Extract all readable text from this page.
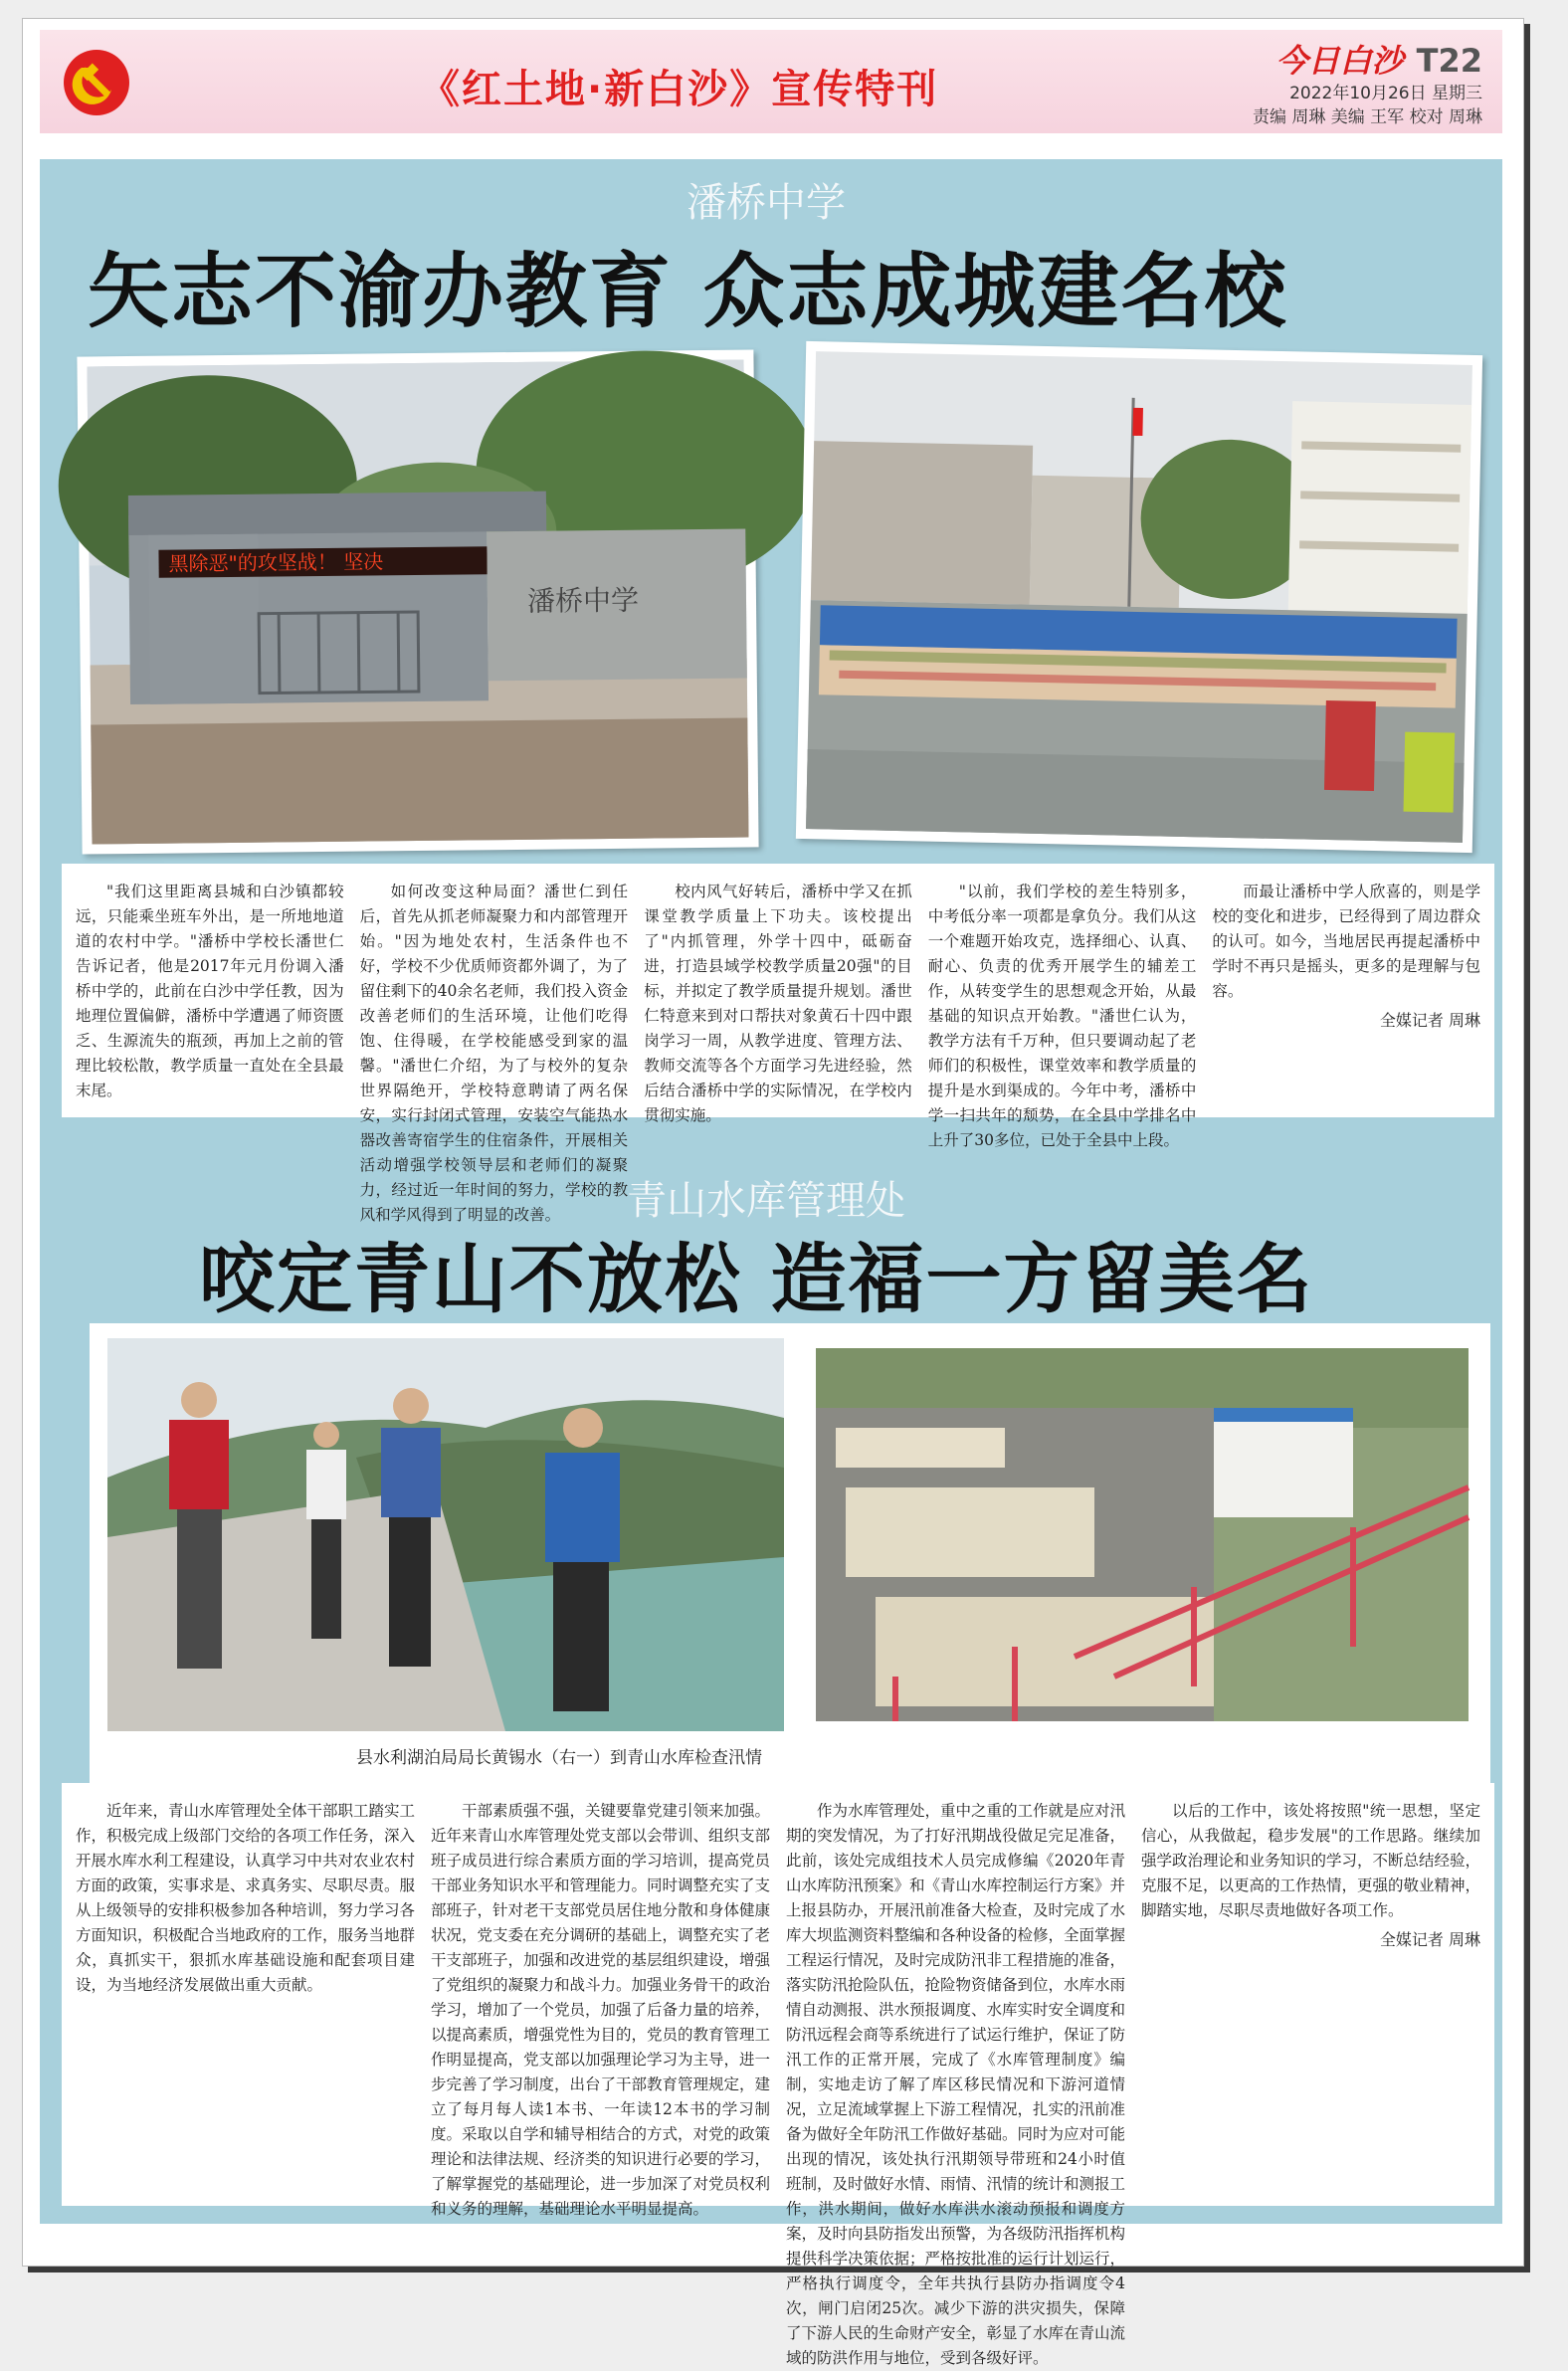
《红土地·新白沙》宣传特刊
今日白沙 T22
2022年10月26日 星期三
责编 周琳 美编 王军 校对 周琳
潘桥中学
矢志不渝办教育 众志成城建名校
黑除恶"的攻坚战！ 坚决
潘桥中学

"我们这里距离县城和白沙镇都较远，只能乘坐班车外出，是一所地地道道的农村中学。"潘桥中学校长潘世仁告诉记者，他是2017年元月份调入潘桥中学的，此前在白沙中学任教，因为地理位置偏僻，潘桥中学遭遇了师资匮乏、生源流失的瓶颈，再加上之前的管理比较松散，教学质量一直处在全县最末尾。

如何改变这种局面？潘世仁到任后，首先从抓老师凝聚力和内部管理开始。"因为地处农村，生活条件也不好，学校不少优质师资都外调了，为了留住剩下的40余名老师，我们投入资金改善老师们的生活环境，让他们吃得饱、住得暖，在学校能感受到家的温馨。"潘世仁介绍，为了与校外的复杂世界隔绝开，学校特意聘请了两名保安，实行封闭式管理，安装空气能热水器改善寄宿学生的住宿条件，开展相关活动增强学校领导层和老师们的凝聚力，经过近一年时间的努力，学校的教风和学风得到了明显的改善。

校内风气好转后，潘桥中学又在抓课堂教学质量上下功夫。该校提出了"内抓管理，外学十四中，砥砺奋进，打造县域学校教学质量20强"的目标，并拟定了教学质量提升规划。潘世仁特意来到对口帮扶对象黄石十四中跟岗学习一周，从教学进度、管理方法、教师交流等各个方面学习先进经验，然后结合潘桥中学的实际情况，在学校内贯彻实施。

"以前，我们学校的差生特别多，中考低分率一项都是拿负分。我们从这一个难题开始攻克，选择细心、认真、耐心、负责的优秀开展学生的辅差工作，从转变学生的思想观念开始，从最基础的知识点开始教。"潘世仁认为，教学方法有千万种，但只要调动起了老师们的积极性，课堂效率和教学质量的提升是水到渠成的。今年中考，潘桥中学一扫共年的颓势，在全县中学排名中上升了30多位，已处于全县中上段。

而最让潘桥中学人欣喜的，则是学校的变化和进步，已经得到了周边群众的认可。如今，当地居民再提起潘桥中学时不再只是摇头，更多的是理解与包容。

全媒记者 周琳
青山水库管理处
咬定青山不放松 造福一方留美名
县水利湖泊局局长黄锡水（右一）到青山水库检查汛情

近年来，青山水库管理处全体干部职工踏实工作，积极完成上级部门交给的各项工作任务，深入开展水库水利工程建设，认真学习中共对农业农村方面的政策，实事求是、求真务实、尽职尽责。服从上级领导的安排积极参加各种培训，努力学习各方面知识，积极配合当地政府的工作，服务当地群众，真抓实干，狠抓水库基础设施和配套项目建设，为当地经济发展做出重大贡献。

干部素质强不强，关键要靠党建引领来加强。近年来青山水库管理处党支部以会带训、组织支部班子成员进行综合素质方面的学习培训，提高党员干部业务知识水平和管理能力。同时调整充实了支部班子，针对老干支部党员居住地分散和身体健康状况，党支委在充分调研的基础上，调整充实了老干支部班子，加强和改进党的基层组织建设，增强了党组织的凝聚力和战斗力。加强业务骨干的政治学习，增加了一个党员，加强了后备力量的培养，以提高素质，增强党性为目的，党员的教育管理工作明显提高，党支部以加强理论学习为主导，进一步完善了学习制度，出台了干部教育管理规定，建立了每月每人读1本书、一年读12本书的学习制度。采取以自学和辅导相结合的方式，对党的政策理论和法律法规、经济类的知识进行必要的学习，了解掌握党的基础理论，进一步加深了对党员权利和义务的理解，基础理论水平明显提高。

作为水库管理处，重中之重的工作就是应对汛期的突发情况，为了打好汛期战役做足完足准备，此前，该处完成组技术人员完成修编《2020年青山水库防汛预案》和《青山水库控制运行方案》并上报县防办，开展汛前准备大检查，及时完成了水库大坝监测资料整编和各种设备的检修，全面掌握工程运行情况，及时完成防汛非工程措施的准备，落实防汛抢险队伍，抢险物资储备到位，水库水雨情自动测报、洪水预报调度、水库实时安全调度和防汛远程会商等系统进行了试运行维护，保证了防汛工作的正常开展，完成了《水库管理制度》编制，实地走访了解了库区移民情况和下游河道情况，立足流域掌握上下游工程情况，扎实的汛前准备为做好全年防汛工作做好基础。同时为应对可能出现的情况，该处执行汛期领导带班和24小时值班制，及时做好水情、雨情、汛情的统计和测报工作，洪水期间，做好水库洪水滚动预报和调度方案，及时向县防指发出预警，为各级防汛指挥机构提供科学决策依据；严格按批准的运行计划运行，严格执行调度令，全年共执行县防办指调度令4次，闸门启闭25次。减少下游的洪灾损失，保障了下游人民的生命财产安全，彰显了水库在青山流域的防洪作用与地位，受到各级好评。

以后的工作中，该处将按照"统一思想，坚定信心，从我做起，稳步发展"的工作思路。继续加强学政治理论和业务知识的学习，不断总结经验，克服不足，以更高的工作热情，更强的敬业精神，脚踏实地，尽职尽责地做好各项工作。

全媒记者 周琳
